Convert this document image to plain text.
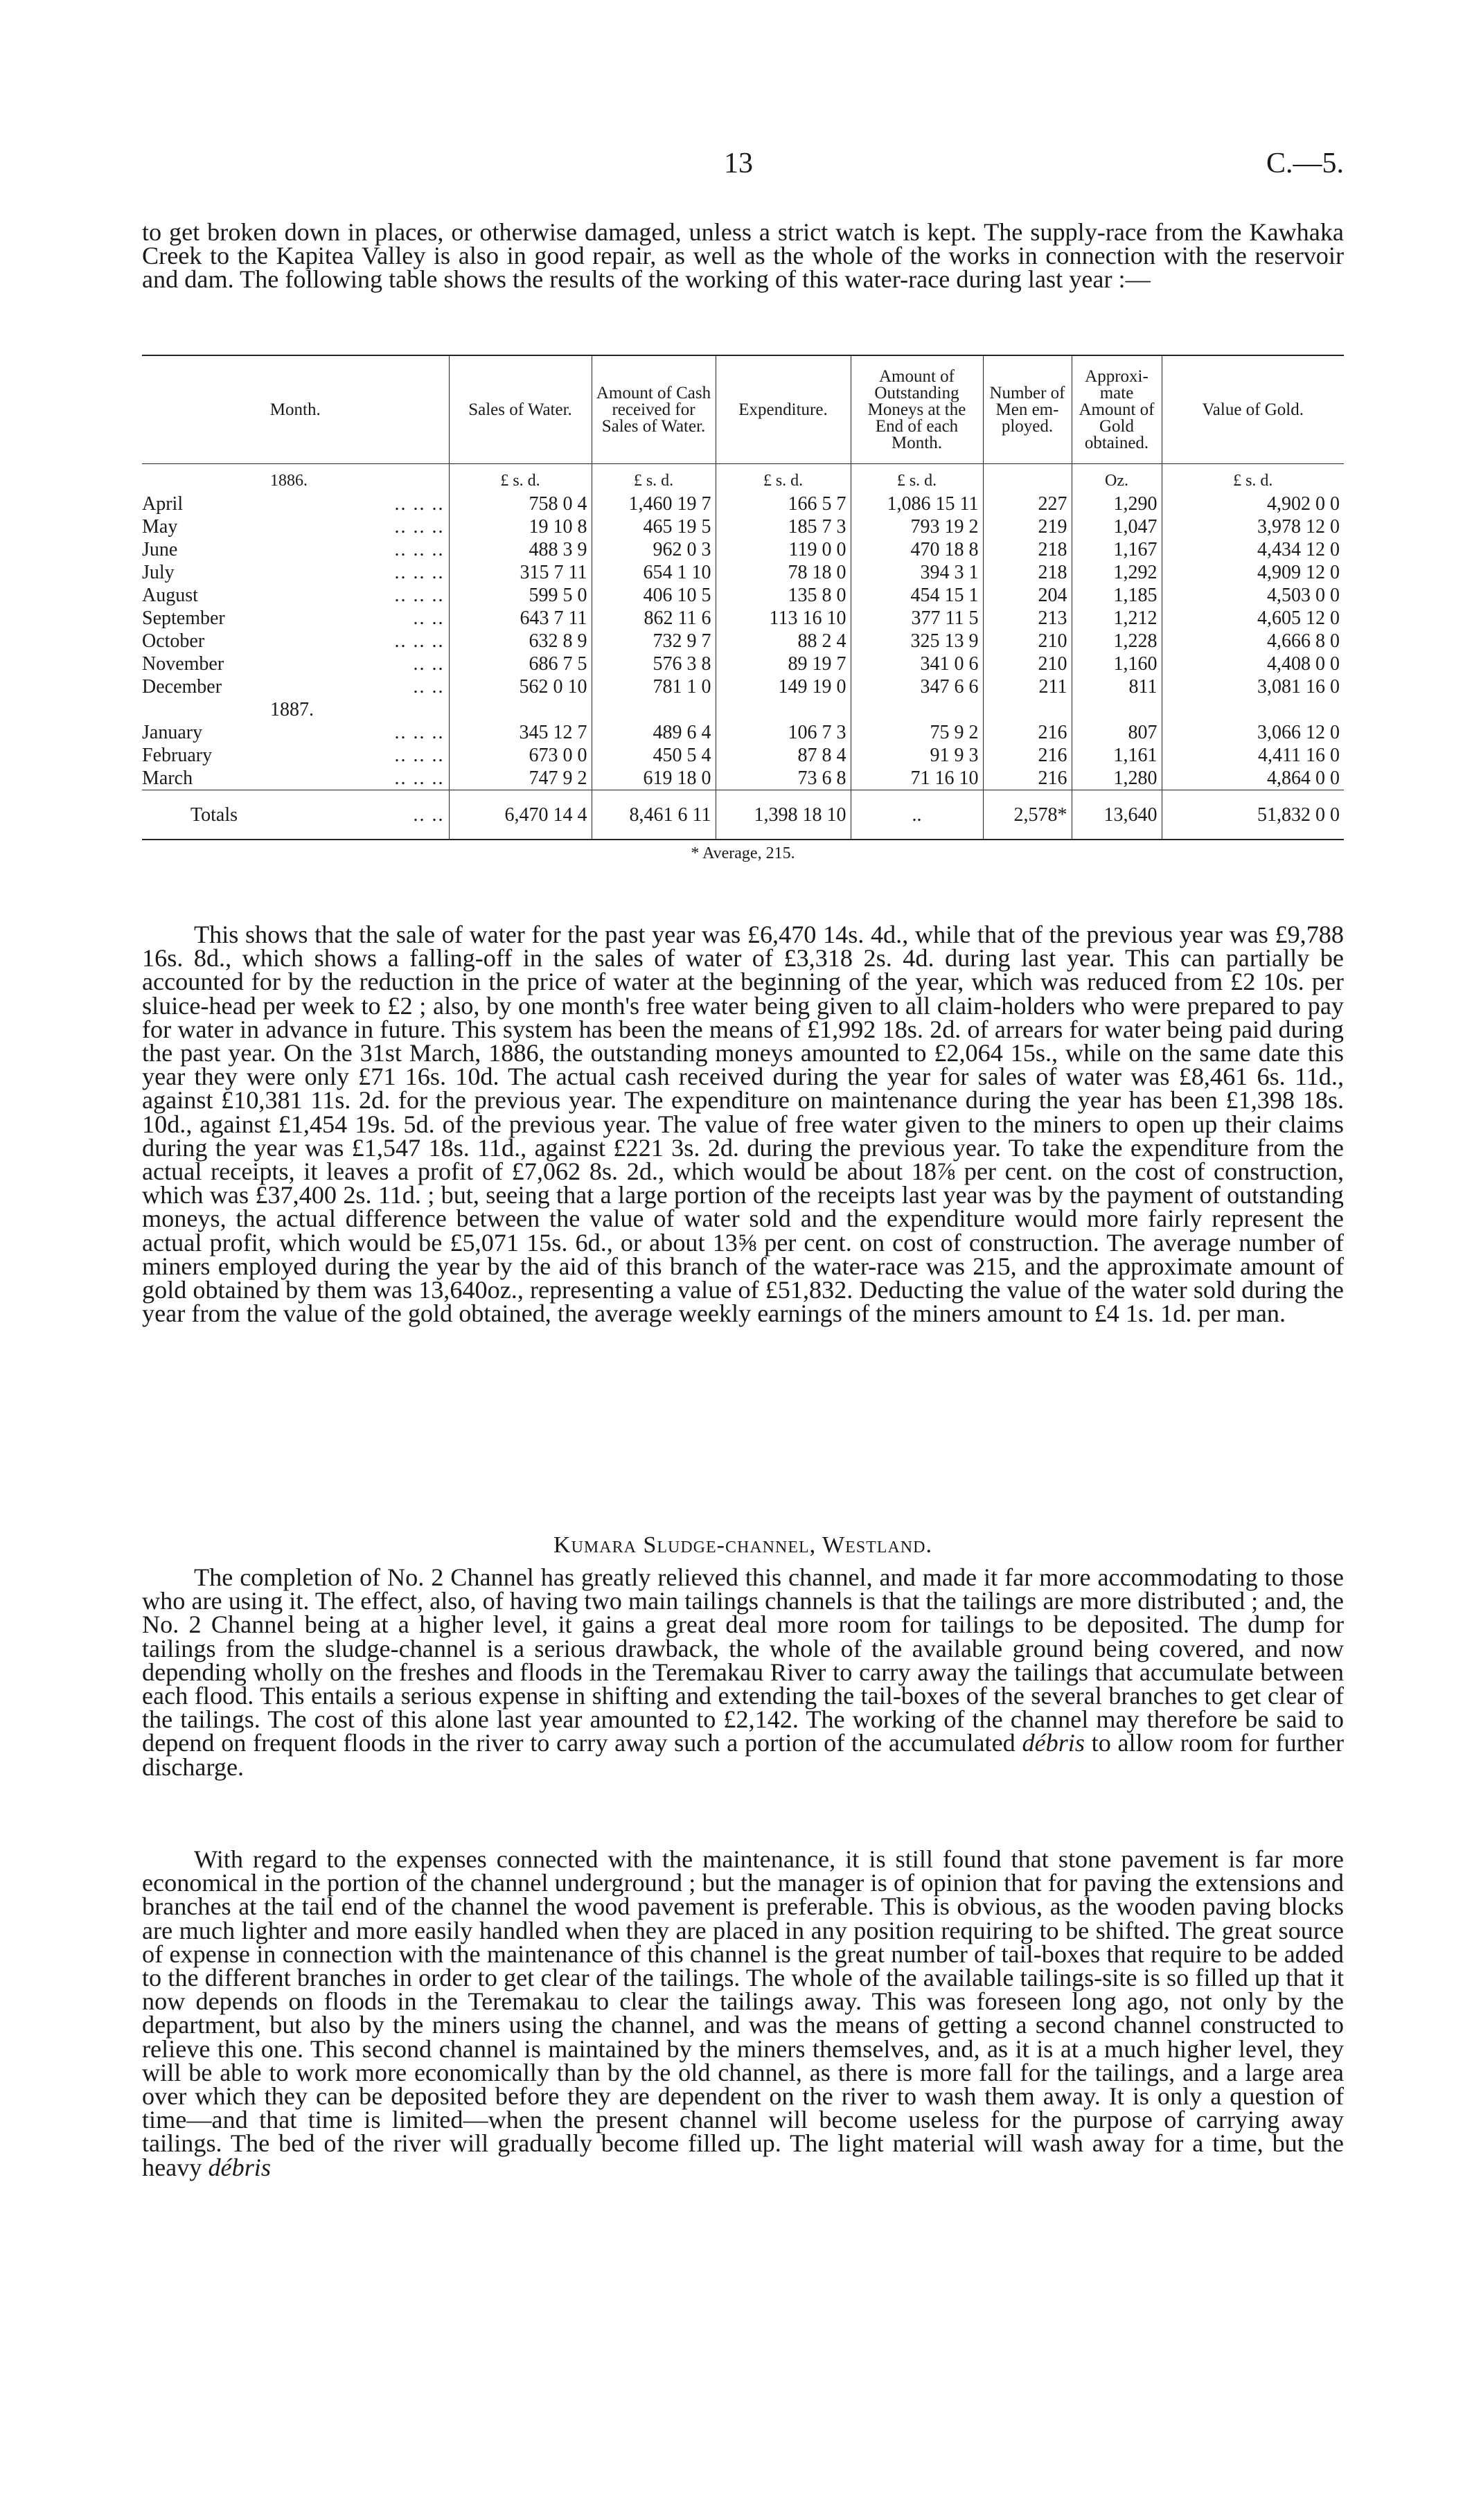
13	C.—5.

to get broken down in places, or otherwise damaged, unless a strict watch is kept. The supply-race from the Kawhaka Creek to the Kapitea Valley is also in good repair, as well as the whole of the works in connection with the reservoir and dam. The following table shows the results of the working of this water-race during last year :—

Month.	Sales of Water.	Amount of Cash received for Sales of Water.	Expenditure.	Amount of Outstanding Moneys at the End of each Month.	Number of Men em-ployed.	Approxi-mate Amount of Gold obtained.	Value of Gold.
1886.	£ s. d.	£ s. d.	£ s. d.	£ s. d.		Oz.	£ s. d.

April .. .. ..	758 0 4	1,460 19 7	166 5 7	1,086 15 11	227	1,290	4,902 0 0

May .. .. ..	19 10 8	465 19 5	185 7 3	793 19 2	219	1,047	3,978 12 0

June .. .. ..	488 3 9	962 0 3	119 0 0	470 18 8	218	1,167	4,434 12 0

July .. .. ..	315 7 11	654 1 10	78 18 0	394 3 1	218	1,292	4,909 12 0

August .. .. ..	599 5 0	406 10 5	135 8 0	454 15 1	204	1,185	4,503 0 0

September .. ..	643 7 11	862 11 6	113 16 10	377 11 5	213	1,212	4,605 12 0

October .. .. ..	632 8 9	732 9 7	88 2 4	325 13 9	210	1,228	4,666 8 0

November .. ..	686 7 5	576 3 8	89 19 7	341 0 6	210	1,160	4,408 0 0

December .. ..	562 0 10	781 1 0	149 19 0	347 6 6	211	811	3,081 16 0
1887.							

January .. .. ..	345 12 7	489 6 4	106 7 3	75 9 2	216	807	3,066 12 0

February .. .. ..	673 0 0	450 5 4	87 8 4	91 9 3	216	1,161	4,411 16 0

March .. .. ..	747 9 2	619 18 0	73 6 8	71 16 10	216	1,280	4,864 0 0

Totals .. ..	6,470 14 4	8,461 6 11	1,398 18 10	..	2,578*	13,640	51,832 0 0
* Average, 215.

This shows that the sale of water for the past year was £6,470 14s. 4d., while that of the previous year was £9,788 16s. 8d., which shows a falling-off in the sales of water of £3,318 2s. 4d. during last year. This can partially be accounted for by the reduction in the price of water at the beginning of the year, which was reduced from £2 10s. per sluice-head per week to £2 ; also, by one month's free water being given to all claim-holders who were prepared to pay for water in advance in future. This system has been the means of £1,992 18s. 2d. of arrears for water being paid during the past year. On the 31st March, 1886, the outstanding moneys amounted to £2,064 15s., while on the same date this year they were only £71 16s. 10d. The actual cash received during the year for sales of water was £8,461 6s. 11d., against £10,381 11s. 2d. for the previous year. The expenditure on maintenance during the year has been £1,398 18s. 10d., against £1,454 19s. 5d. of the previous year. The value of free water given to the miners to open up their claims during the year was £1,547 18s. 11d., against £221 3s. 2d. during the previous year. To take the expenditure from the actual receipts, it leaves a profit of £7,062 8s. 2d., which would be about 18⅞ per cent. on the cost of construction, which was £37,400 2s. 11d. ; but, seeing that a large portion of the receipts last year was by the payment of outstanding moneys, the actual difference between the value of water sold and the expenditure would more fairly represent the actual profit, which would be £5,071 15s. 6d., or about 13⅝ per cent. on cost of construction. The average number of miners employed during the year by the aid of this branch of the water-race was 215, and the approximate amount of gold obtained by them was 13,640oz., representing a value of £51,832. Deducting the value of the water sold during the year from the value of the gold obtained, the average weekly earnings of the miners amount to £4 1s. 1d. per man.

Kumara Sludge-channel, Westland.

The completion of No. 2 Channel has greatly relieved this channel, and made it far more accommodating to those who are using it. The effect, also, of having two main tailings channels is that the tailings are more distributed ; and, the No. 2 Channel being at a higher level, it gains a great deal more room for tailings to be deposited. The dump for tailings from the sludge-channel is a serious drawback, the whole of the available ground being covered, and now depending wholly on the freshes and floods in the Teremakau River to carry away the tailings that accumulate between each flood. This entails a serious expense in shifting and extending the tail-boxes of the several branches to get clear of the tailings. The cost of this alone last year amounted to £2,142. The working of the channel may therefore be said to depend on frequent floods in the river to carry away such a portion of the accumulated débris to allow room for further discharge.

With regard to the expenses connected with the maintenance, it is still found that stone pavement is far more economical in the portion of the channel underground ; but the manager is of opinion that for paving the extensions and branches at the tail end of the channel the wood pavement is preferable. This is obvious, as the wooden paving blocks are much lighter and more easily handled when they are placed in any position requiring to be shifted. The great source of expense in connection with the maintenance of this channel is the great number of tail-boxes that require to be added to the different branches in order to get clear of the tailings. The whole of the available tailings-site is so filled up that it now depends on floods in the Teremakau to clear the tailings away. This was foreseen long ago, not only by the department, but also by the miners using the channel, and was the means of getting a second channel constructed to relieve this one. This second channel is maintained by the miners themselves, and, as it is at a much higher level, they will be able to work more economically than by the old channel, as there is more fall for the tailings, and a large area over which they can be deposited before they are dependent on the river to wash them away. It is only a question of time—and that time is limited—when the present channel will become useless for the purpose of carrying away tailings. The bed of the river will gradually become filled up. The light material will wash away for a time, but the heavy débris
